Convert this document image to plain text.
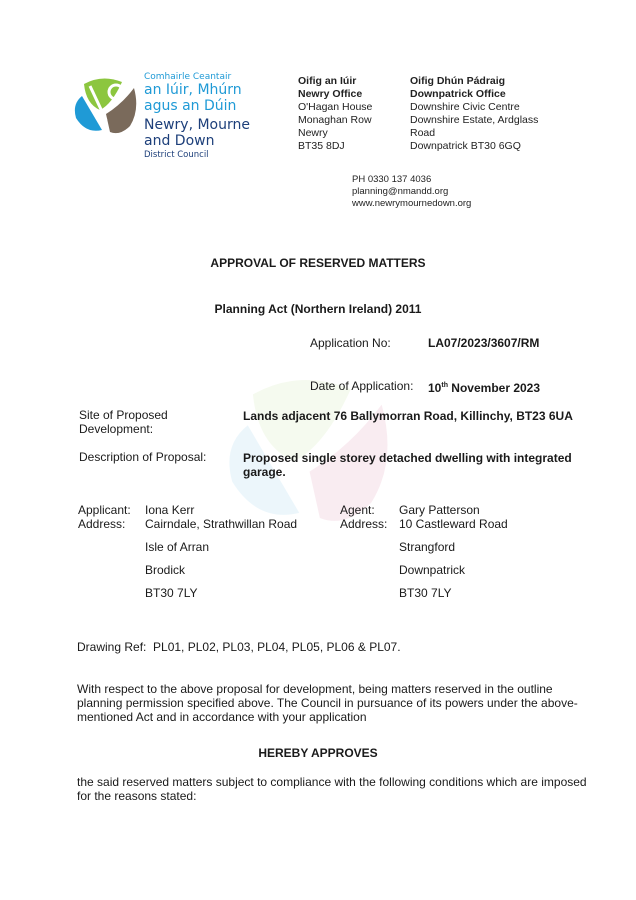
Comhairle Ceantair
an Iúir, Mhúrn
agus an Dúin
Newry, Mourne
and Down
District Council
Oifig an Iúir
Newry Office
O'Hagan House
Monaghan Row
Newry
BT35 8DJ
Oifig Dhún Pádraig
Downpatrick Office
Downshire Civic Centre
Downshire Estate, Ardglass
Road
Downpatrick BT30 6GQ
PH 0330 137 4036
planning@nmandd.org
www.newrymournedown.org
APPROVAL OF RESERVED MATTERS
Planning Act (Northern Ireland) 2011
Application No:	LA07/2023/3607/RM
Date of Application: 10th November 2023
Site of Proposed
Development:
Lands adjacent 76 Ballymorran Road, Killinchy, BT23 6UA
Description of Proposal:	Proposed single storey detached dwelling with integrated
garage.
Applicant:
Address:
Iona Kerr
Cairndale, Strathwillan Road
Isle of Arran
Brodick
BT30 7LY
Agent:
Address:
Gary Patterson
10 Castleward Road
Strangford
Downpatrick
BT30 7LY
Drawing Ref:  PL01, PL02, PL03, PL04, PL05, PL06 & PL07.
With respect to the above proposal for development, being matters reserved in the outline
planning permission specified above. The Council in pursuance of its powers under the above-
mentioned Act and in accordance with your application
HEREBY APPROVES
the said reserved matters subject to compliance with the following conditions which are imposed
for the reasons stated:
